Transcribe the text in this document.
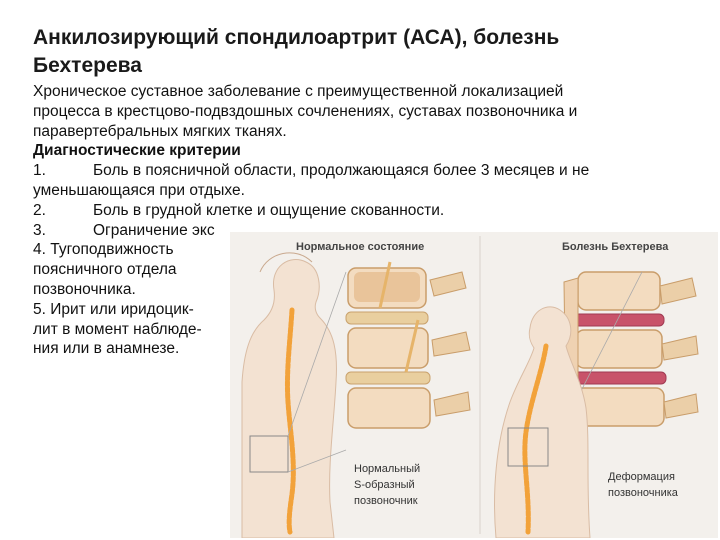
Анкилозирующий спондилоартрит (АСА), болезнь
Бехтерева
Хроническое суставное заболевание с преимущественной локализацией
процесса в крестцово-подвздошных сочленениях, суставах позвоночника и
паравертебральных мягких тканях.
Диагностические критерии
1.	Боль в поясничной области, продолжающаяся более 3 месяцев и не
уменьшающаяся при отдыхе.
2.	Боль в грудной клетке и ощущение скованности.
3.	Ограничение экс
4. Тугоподвижность
поясничного отдела
позвоночника.
5. Ирит или иридоцик-
лит в момент наблюде-
ния или в анамнезе.
Нормальное состояние
Нормальный
S-образный
позвоночник
Болезнь Бехтерева
Деформация
позвоночника
